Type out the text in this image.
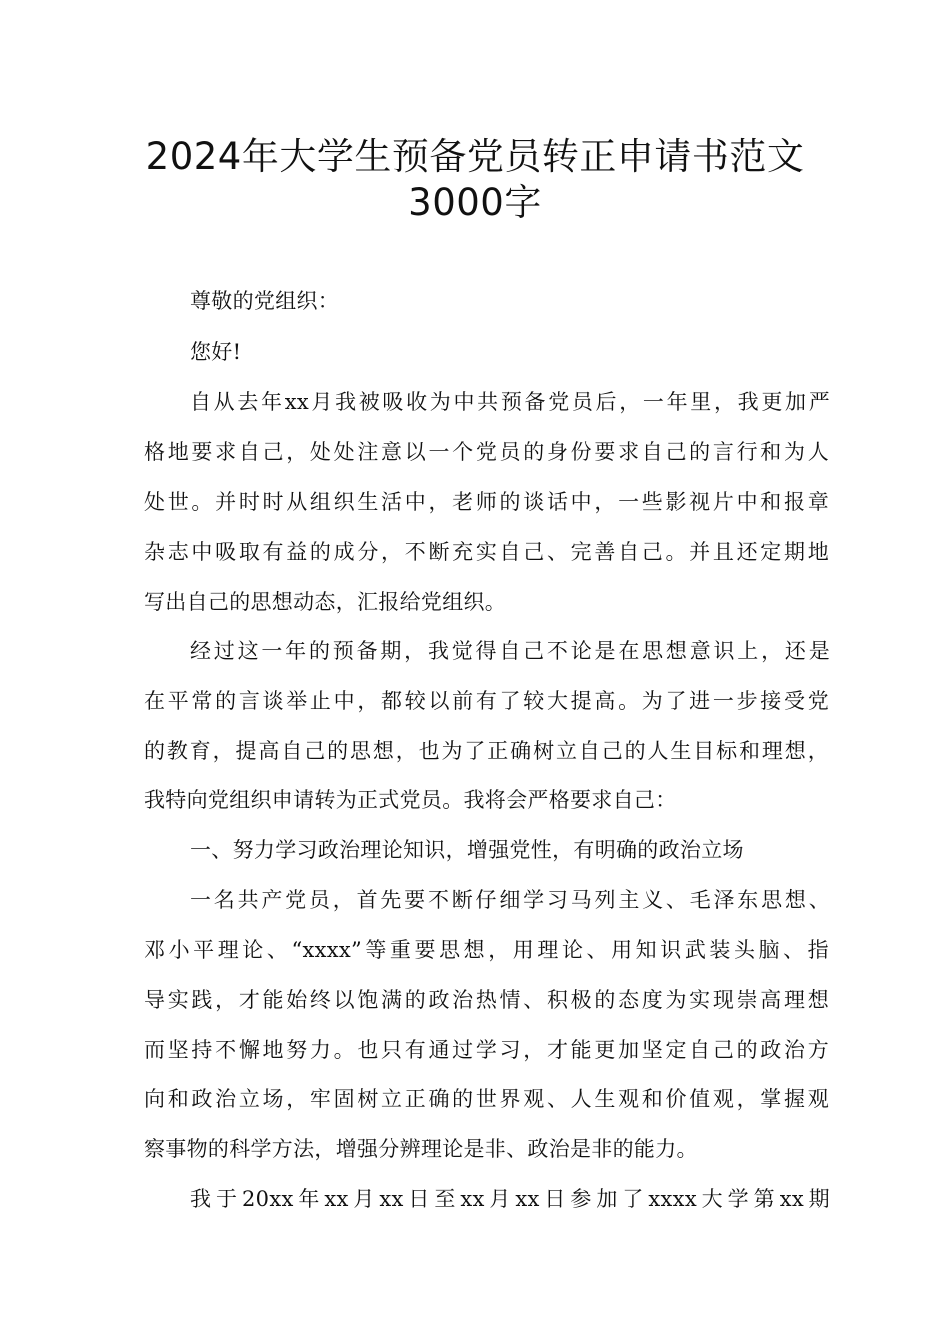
2024年大学生预备党员转正申请书范文
3000字

尊敬的党组织：

您好!

自从去年xx月我被吸收为中共预备党员后，一年里，我更加严

格地要求自己，处处注意以一个党员的身份要求自己的言行和为人

处世。并时时从组织生活中，老师的谈话中，一些影视片中和报章

杂志中吸取有益的成分，不断充实自己、完善自己。并且还定期地

写出自己的思想动态，汇报给党组织。

经过这一年的预备期，我觉得自己不论是在思想意识上，还是

在平常的言谈举止中，都较以前有了较大提高。为了进一步接受党

的教育，提高自己的思想，也为了正确树立自己的人生目标和理想，

我特向党组织申请转为正式党员。我将会严格要求自己：

一、努力学习政治理论知识，增强党性，有明确的政治立场

一名共产党员，首先要不断仔细学习马列主义、毛泽东思想、

邓小平理论、“xxxx”等重要思想，用理论、用知识武装头脑、指

导实践，才能始终以饱满的政治热情、积极的态度为实现崇高理想

而坚持不懈地努力。也只有通过学习，才能更加坚定自己的政治方

向和政治立场，牢固树立正确的世界观、人生观和价值观，掌握观

察事物的科学方法，增强分辨理论是非、政治是非的能力。

我于20xx年xx月xx日至xx月xx日参加了xxxx大学第xx期
